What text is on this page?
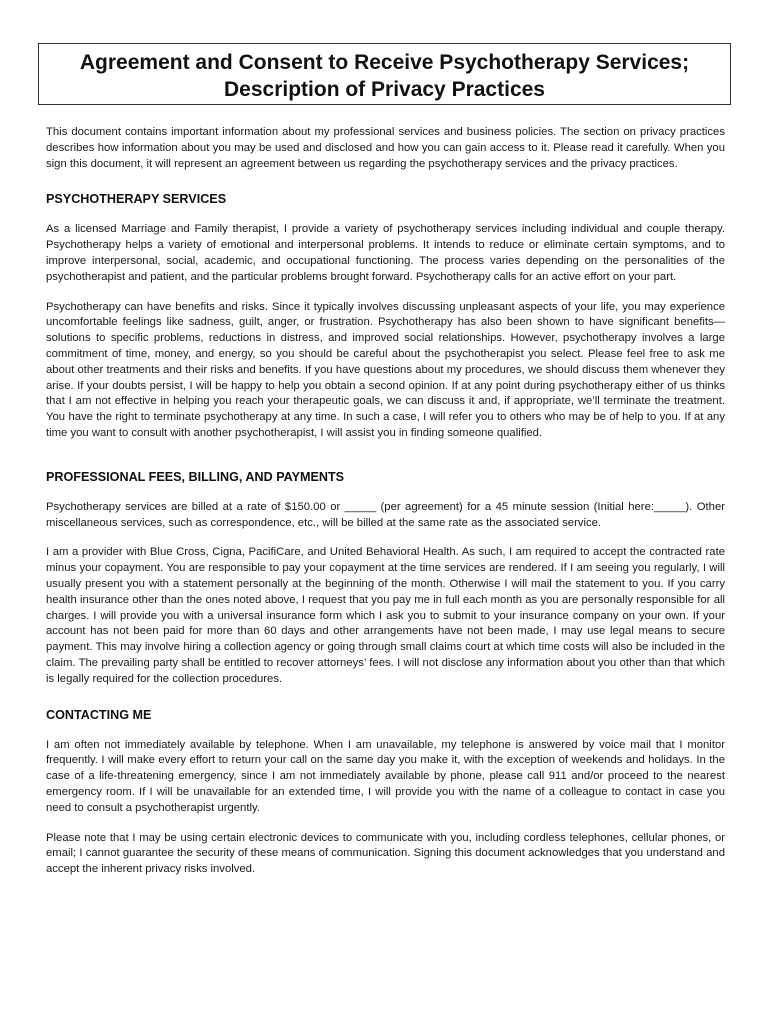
Agreement and Consent to Receive Psychotherapy Services;
Description of Privacy Practices

This document contains important information about my professional services and business policies. The section on privacy practices describes how information about you may be used and disclosed and how you can gain access to it. Please read it carefully. When you sign this document, it will represent an agreement between us regarding the psychotherapy services and the privacy practices.

PSYCHOTHERAPY SERVICES

As a licensed Marriage and Family therapist, I provide a variety of psychotherapy services including individual and couple therapy. Psychotherapy helps a variety of emotional and interpersonal problems. It intends to reduce or eliminate certain symptoms, and to improve interpersonal, social, academic, and occupational functioning. The process varies depending on the personalities of the psychotherapist and patient, and the particular problems brought forward. Psychotherapy calls for an active effort on your part.

Psychotherapy can have benefits and risks. Since it typically involves discussing unpleasant aspects of your life, you may experience uncomfortable feelings like sadness, guilt, anger, or frustration. Psychotherapy has also been shown to have significant benefits—solutions to specific problems, reductions in distress, and improved social relationships. However, psychotherapy involves a large commitment of time, money, and energy, so you should be careful about the psychotherapist you select. Please feel free to ask me about other treatments and their risks and benefits. If you have questions about my procedures, we should discuss them whenever they arise. If your doubts persist, I will be happy to help you obtain a second opinion. If at any point during psychotherapy either of us thinks that I am not effective in helping you reach your therapeutic goals, we can discuss it and, if appropriate, we’ll terminate the treatment. You have the right to terminate psychotherapy at any time. In such a case, I will refer you to others who may be of help to you. If at any time you want to consult with another psychotherapist, I will assist you in finding someone qualified.

PROFESSIONAL FEES, BILLING, AND PAYMENTS

Psychotherapy services are billed at a rate of $150.00 or _____ (per agreement) for a 45 minute session (Initial here:_____). Other miscellaneous services, such as correspondence, etc., will be billed at the same rate as the associated service.

I am a provider with Blue Cross, Cigna, PacifiCare, and United Behavioral Health. As such, I am required to accept the contracted rate minus your copayment. You are responsible to pay your copayment at the time services are rendered. If I am seeing you regularly, I will usually present you with a statement personally at the beginning of the month. Otherwise I will mail the statement to you. If you carry health insurance other than the ones noted above, I request that you pay me in full each month as you are personally responsible for all charges. I will provide you with a universal insurance form which I ask you to submit to your insurance company on your own. If your account has not been paid for more than 60 days and other arrangements have not been made, I may use legal means to secure payment. This may involve hiring a collection agency or going through small claims court at which time costs will also be included in the claim. The prevailing party shall be entitled to recover attorneys’ fees. I will not disclose any information about you other than that which is legally required for the collection procedures.

CONTACTING ME

I am often not immediately available by telephone. When I am unavailable, my telephone is answered by voice mail that I monitor frequently. I will make every effort to return your call on the same day you make it, with the exception of weekends and holidays. In the case of a life-threatening emergency, since I am not immediately available by phone, please call 911 and/or proceed to the nearest emergency room. If I will be unavailable for an extended time, I will provide you with the name of a colleague to contact in case you need to consult a psychotherapist urgently.

Please note that I may be using certain electronic devices to communicate with you, including cordless telephones, cellular phones, or email; I cannot guarantee the security of these means of communication. Signing this document acknowledges that you understand and accept the inherent privacy risks involved.
